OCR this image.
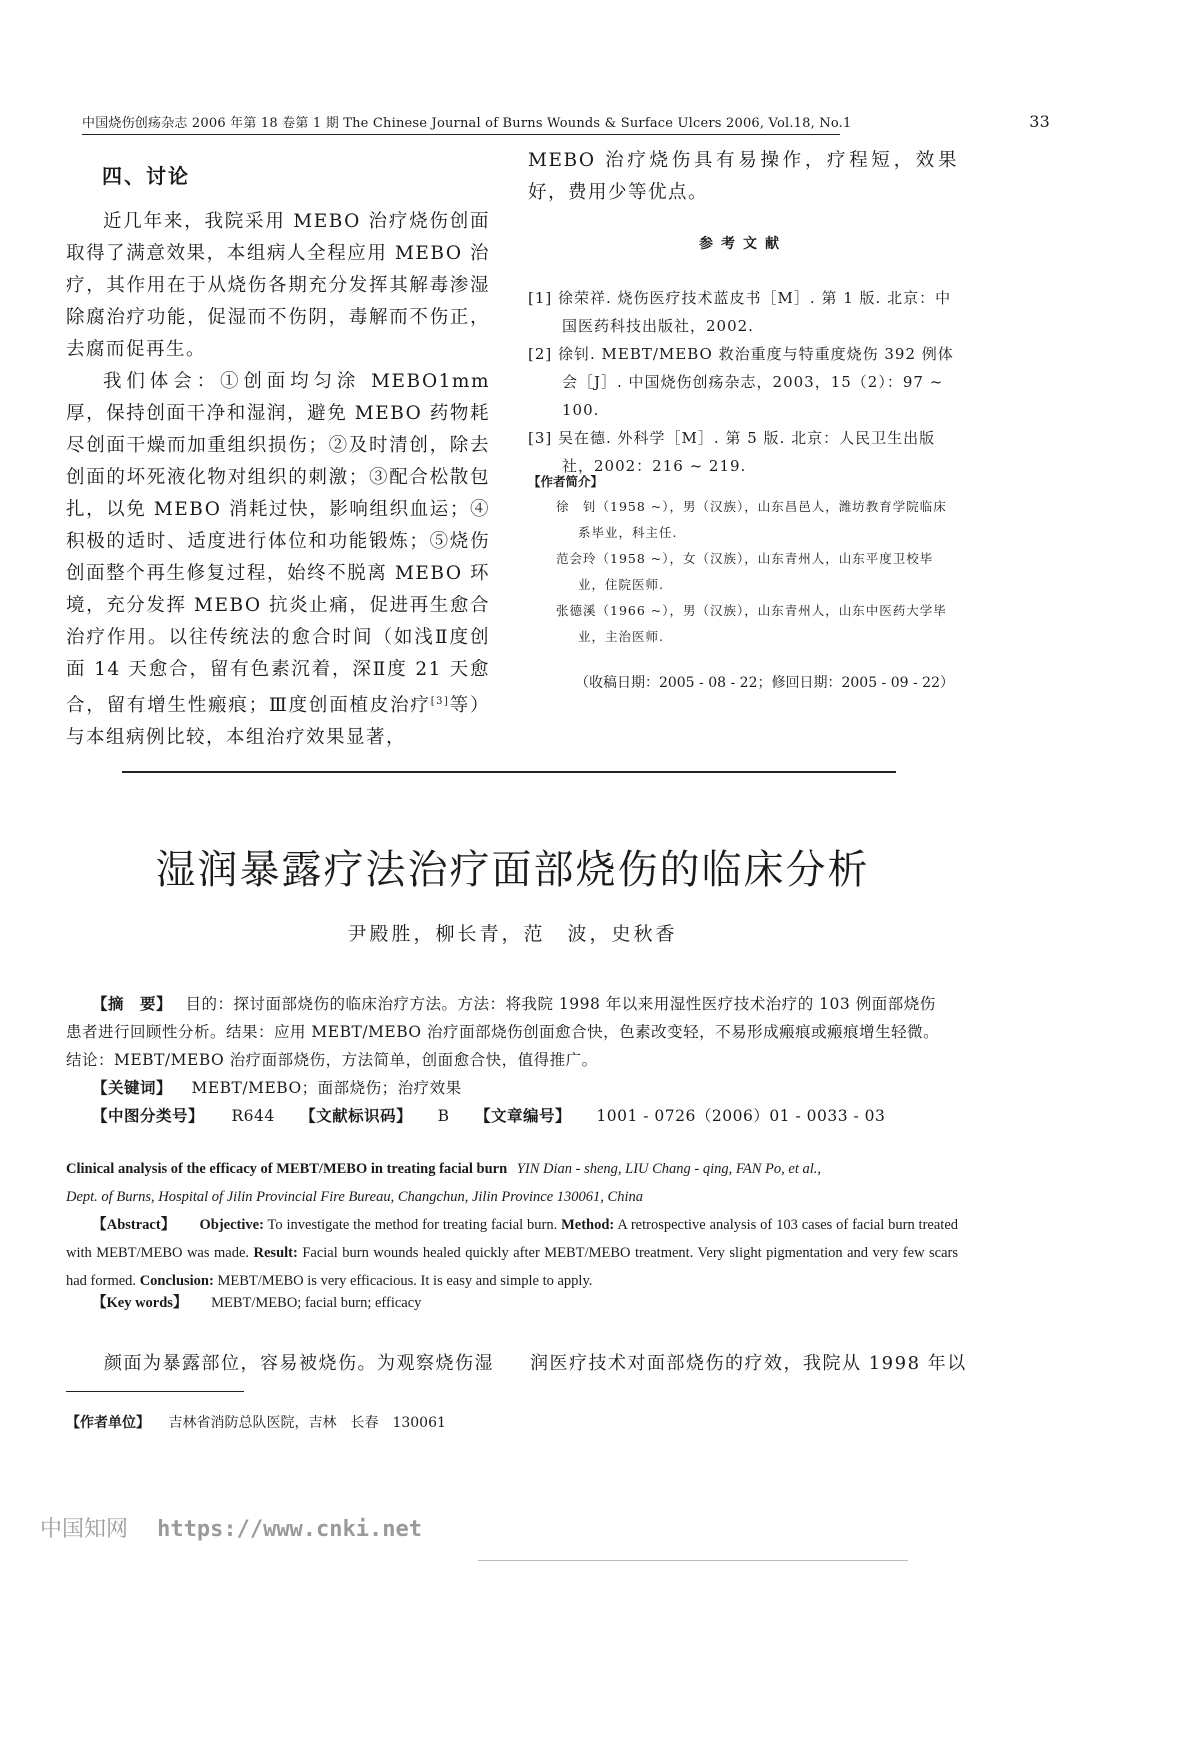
中国烧伤创疡杂志 2006 年第 18 卷第 1 期 The Chinese Journal of Burns Wounds & Surface Ulcers 2006, Vol.18, No.1	33
四、讨论

近几年来，我院采用 MEBO 治疗烧伤创面取得了满意效果，本组病人全程应用 MEBO 治疗，其作用在于从烧伤各期充分发挥其解毒渗湿除腐治疗功能，促湿而不伤阴，毒解而不伤正，去腐而促再生。

我们体会：①创面均匀涂 MEBO1mm 厚，保持创面干净和湿润，避免 MEBO 药物耗尽创面干燥而加重组织损伤；②及时清创，除去创面的坏死液化物对组织的刺激；③配合松散包扎，以免 MEBO 消耗过快，影响组织血运；④积极的适时、适度进行体位和功能锻炼；⑤烧伤创面整个再生修复过程，始终不脱离 MEBO 环境，充分发挥 MEBO 抗炎止痛，促进再生愈合治疗作用。以往传统法的愈合时间（如浅Ⅱ度创面 14 天愈合，留有色素沉着，深Ⅱ度 21 天愈合，留有增生性瘢痕；Ⅲ度创面植皮治疗[3]等）与本组病例比较，本组治疗效果显著，

MEBO 治疗烧伤具有易操作，疗程短，效果好，费用少等优点。
参考文献
[1] 徐荣祥. 烧伤医疗技术蓝皮书［M］. 第 1 版. 北京：中国医药科技出版社，2002.
[2] 徐钊. MEBT/MEBO 救治重度与特重度烧伤 392 例体会［J］. 中国烧伤创疡杂志，2003，15（2）：97 ~ 100.
[3] 吴在德. 外科学［M］. 第 5 版. 北京：人民卫生出版社，2002：216 ~ 219.
【作者简介】
徐　钊（1958 ~），男（汉族），山东昌邑人，潍坊教育学院临床
系毕业，科主任.
范会玲（1958 ~），女（汉族），山东青州人，山东平度卫校毕
业，住院医师.
张德溪（1966 ~），男（汉族），山东青州人，山东中医药大学毕
业，主治医师.
（收稿日期：2005 - 08 - 22；修回日期：2005 - 09 - 22）
湿润暴露疗法治疗面部烧伤的临床分析
尹殿胜，柳长青，范　波，史秋香
【摘　要】 目的：探讨面部烧伤的临床治疗方法。方法：将我院 1998 年以来用湿性医疗技术治疗的 103 例面部烧伤
患者进行回顾性分析。结果：应用 MEBT/MEBO 治疗面部烧伤创面愈合快，色素改变轻，不易形成瘢痕或瘢痕增生轻微。
结论：MEBT/MEBO 治疗面部烧伤，方法简单，创面愈合快，值得推广。
【关键词】 MEBT/MEBO；面部烧伤；治疗效果
【中图分类号】 R644 【文献标识码】 B 【文章编号】 1001 - 0726（2006）01 - 0033 - 03
Clinical analysis of the efficacy of MEBT/MEBO in treating facial burn YIN Dian - sheng, LIU Chang - qing, FAN Po, et al.,
Dept. of Burns, Hospital of Jilin Provincial Fire Bureau, Changchun, Jilin Province 130061, China
【Abstract】 Objective: To investigate the method for treating facial burn. Method: A retrospective analysis of 103 cases of facial burn treated with MEBT/MEBO was made. Result: Facial burn wounds healed quickly after MEBT/MEBO treatment. Very slight pigmentation and very few scars had formed. Conclusion: MEBT/MEBO is very efficacious. It is easy and simple to apply.
【Key words】 MEBT/MEBO; facial burn; efficacy
颜面为暴露部位，容易被烧伤。为观察烧伤湿 润医疗技术对面部烧伤的疗效，我院从 1998 年以
【作者单位】 吉林省消防总队医院，吉林　长春　130061
中国知网 https://www.cnki.net
